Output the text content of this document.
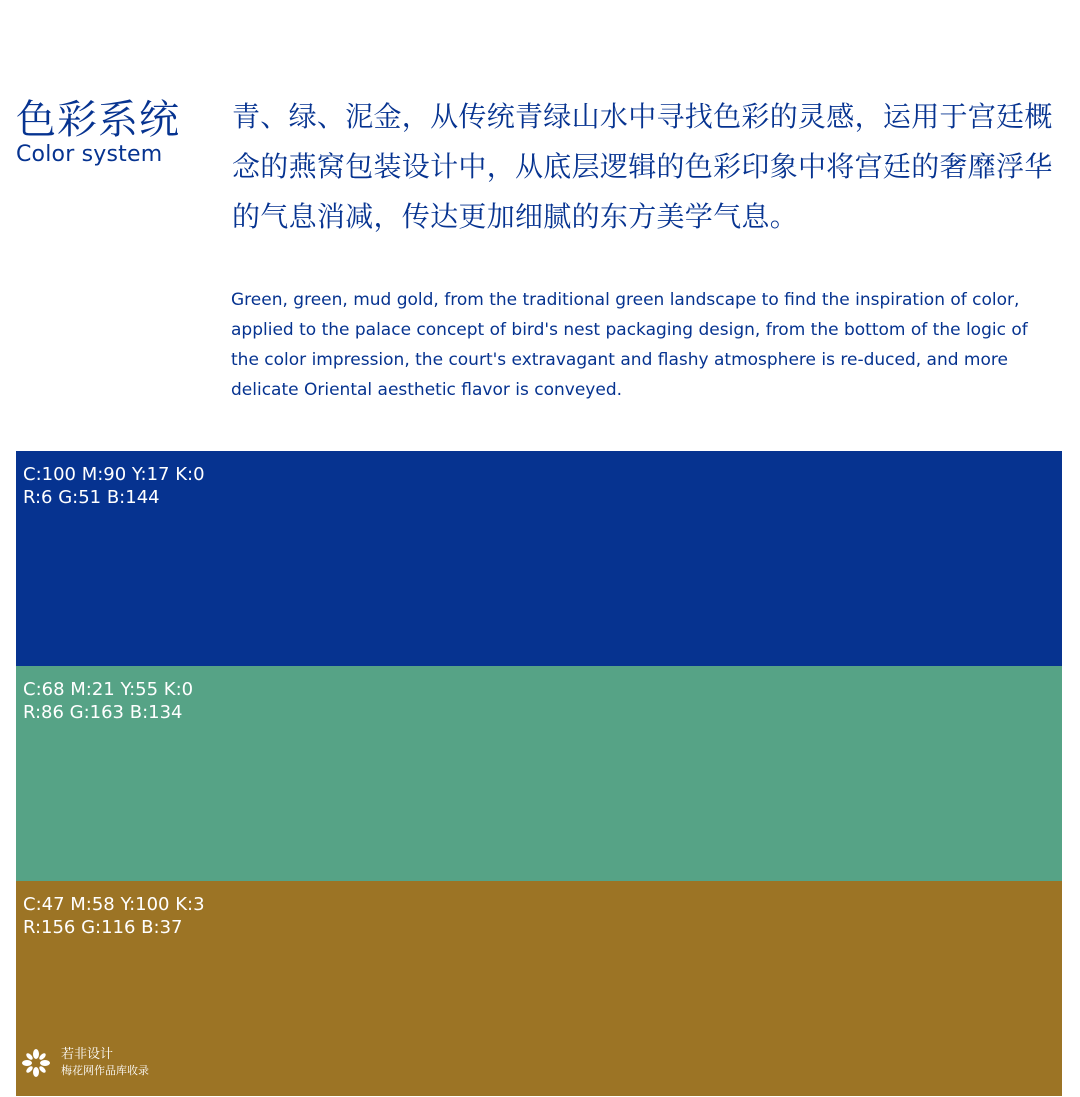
色彩系统
Color system
青、绿、泥金，从传统青绿山水中寻找色彩的灵感，运用于宫廷概念的燕窝包装设计中，从底层逻辑的色彩印象中将宫廷的奢靡浮华的气息消减，传达更加细腻的东方美学气息。
Green, green, mud gold, from the traditional green landscape to find the inspiration of color, applied to the palace concept of bird's nest packaging design, from the bottom of the logic of the color impression, the court's extravagant and flashy atmosphere is re-duced, and more delicate Oriental aesthetic flavor is conveyed.
C:100 M:90 Y:17 K:0
R:6 G:51 B:144
C:68 M:21 Y:55 K:0
R:86 G:163 B:134
C:47 M:58 Y:100 K:3
R:156 G:116 B:37
若非设计
梅花网作品库收录
